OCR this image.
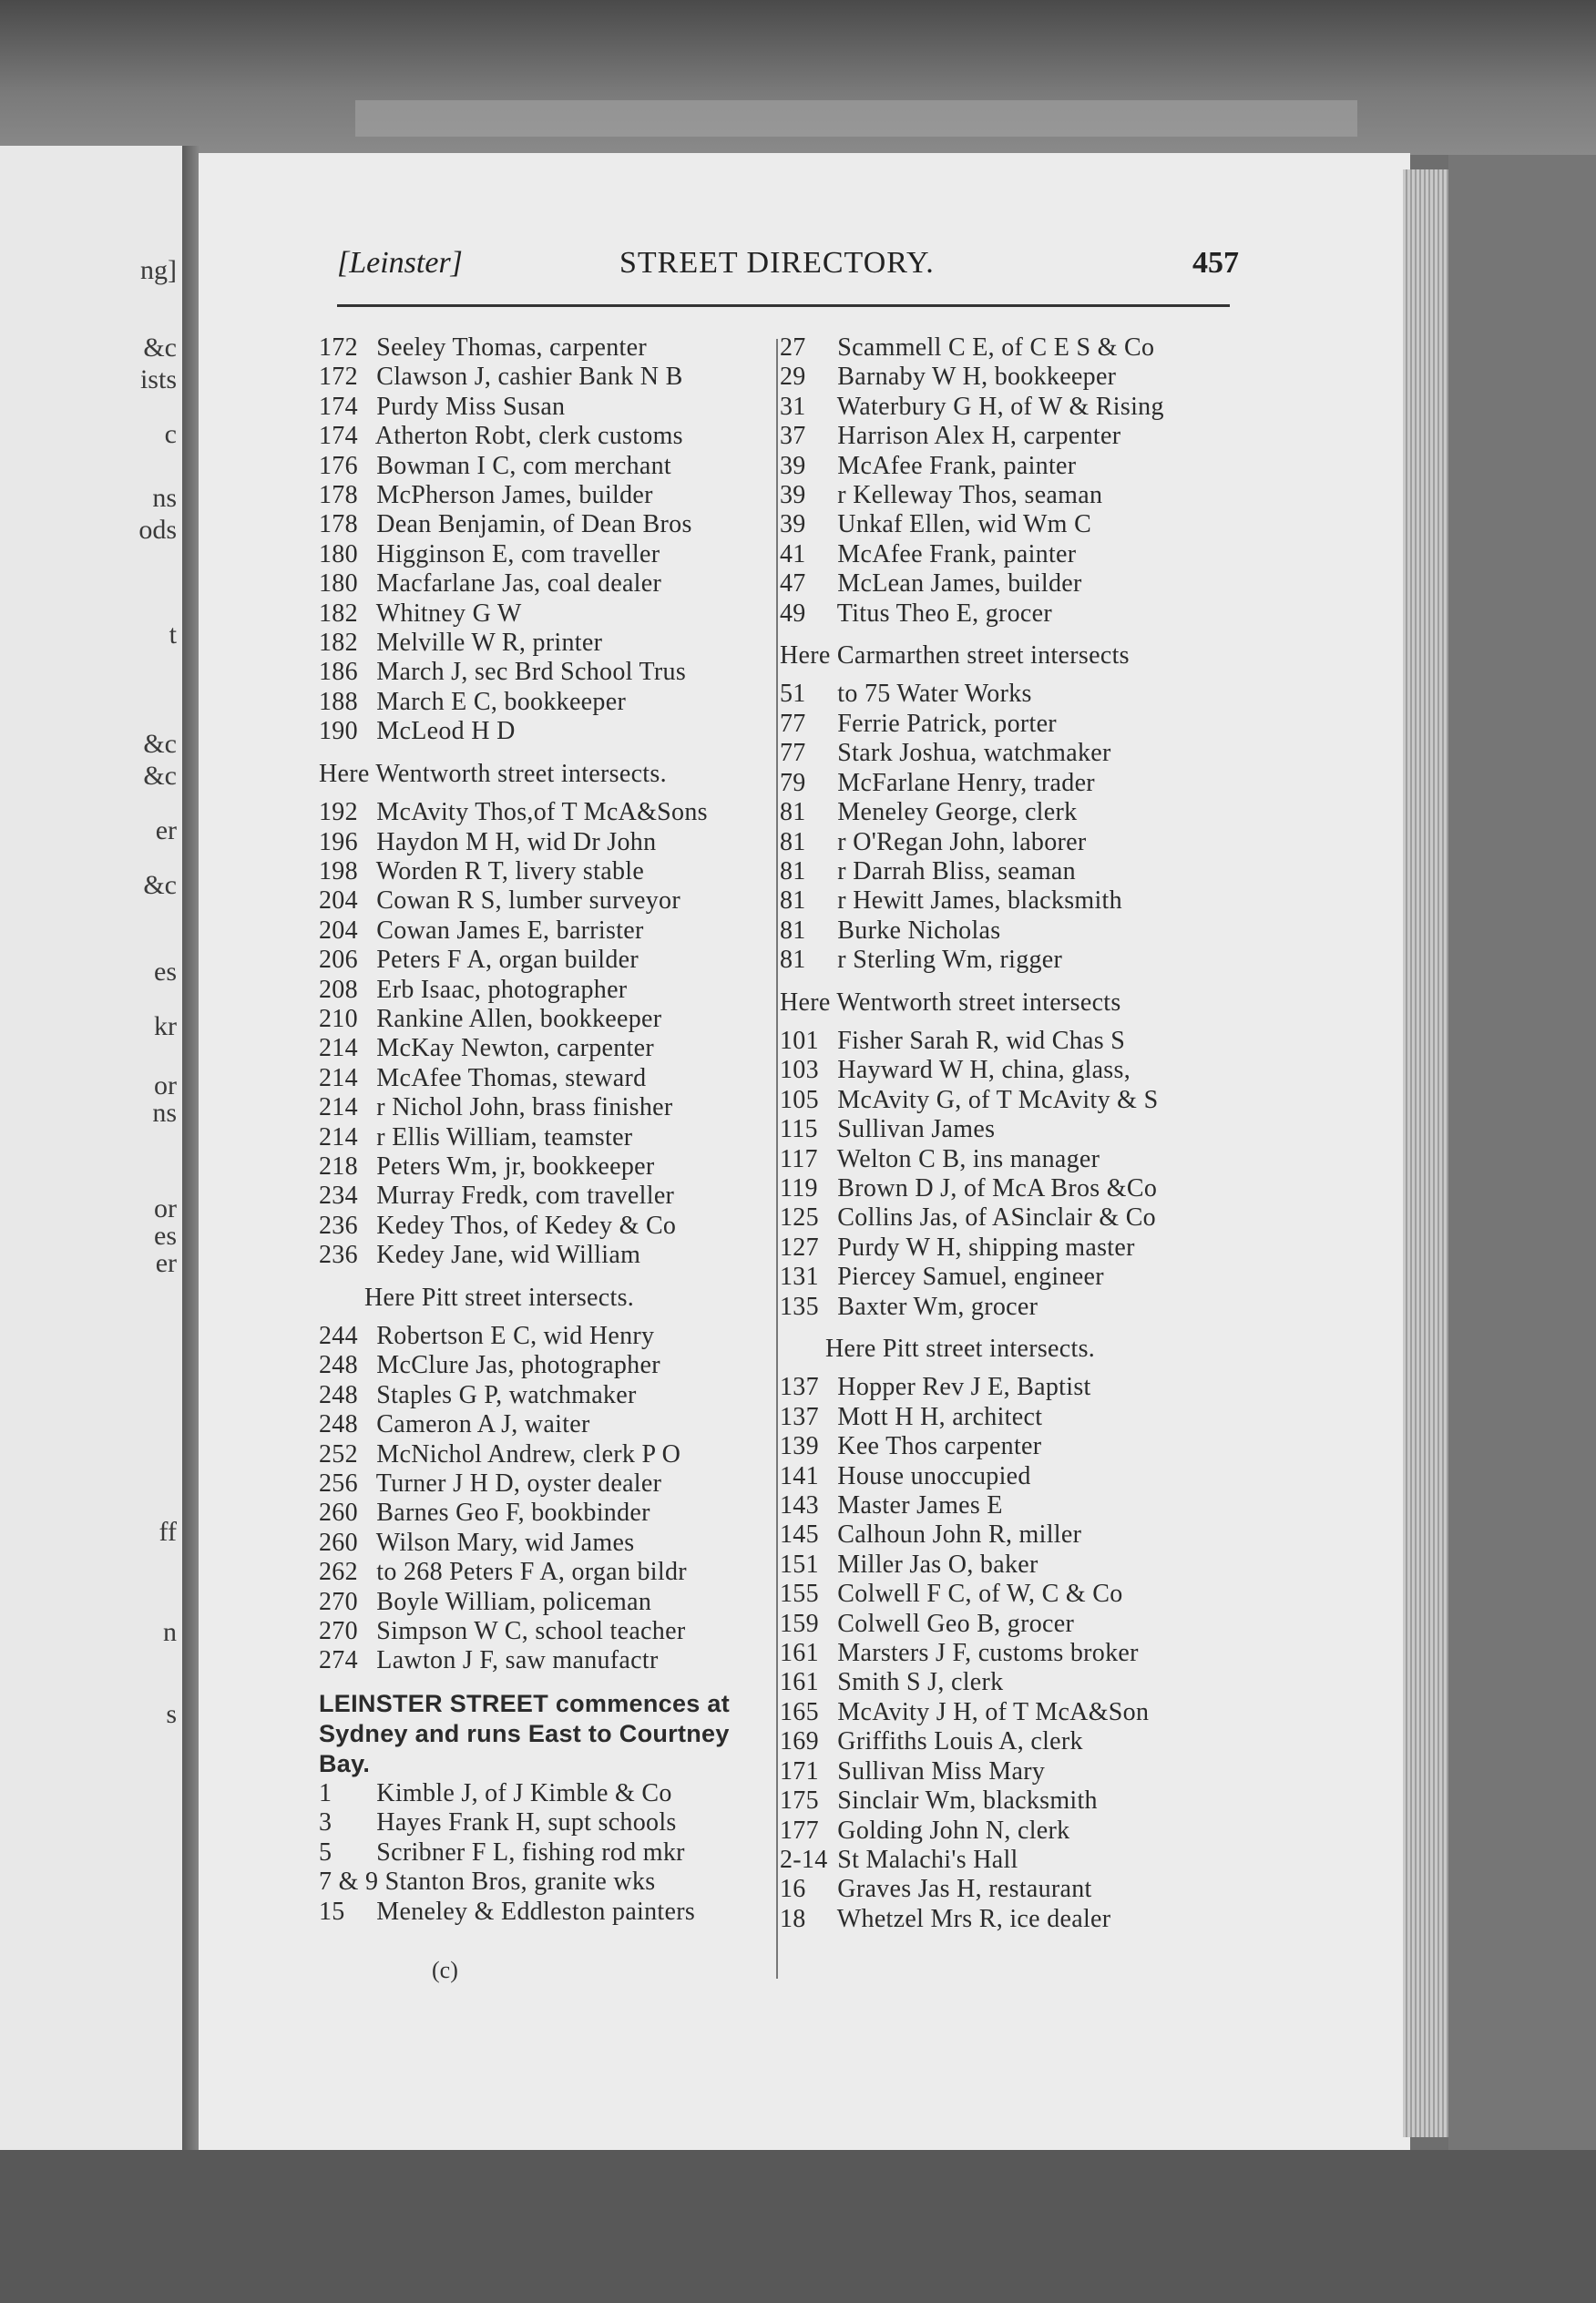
ng]
&c
ists
c
ns
ods
t
&c
&c
er
&c
es
kr
or
ns
or
es
er
ff
n
s
[Leinster]	STREET DIRECTORY.	457
172 Seeley Thomas, carpenter
172 Clawson J, cashier Bank N B
174 Purdy Miss Susan
174 Atherton Robt, clerk customs
176 Bowman I C, com merchant
178 McPherson James, builder
178 Dean Benjamin, of Dean Bros
180 Higginson E, com traveller
180 Macfarlane Jas, coal dealer
182 Whitney G W
182 Melville W R, printer
186 March J, sec Brd School Trus
188 March E C, bookkeeper
190 McLeod H D
Here Wentworth street intersects.
192 McAvity Thos,of T McA&Sons
196 Haydon M H, wid Dr John
198 Worden R T, livery stable
204 Cowan R S, lumber surveyor
204 Cowan James E, barrister
206 Peters F A, organ builder
208 Erb Isaac, photographer
210 Rankine Allen, bookkeeper
214 McKay Newton, carpenter
214 McAfee Thomas, steward
214 r Nichol John, brass finisher
214 r Ellis William, teamster
218 Peters Wm, jr, bookkeeper
234 Murray Fredk, com traveller
236 Kedey Thos, of Kedey & Co
236 Kedey Jane, wid William
Here Pitt street intersects.
244 Robertson E C, wid Henry
248 McClure Jas, photographer
248 Staples G P, watchmaker
248 Cameron A J, waiter
252 McNichol Andrew, clerk P O
256 Turner J H D, oyster dealer
260 Barnes Geo F, bookbinder
260 Wilson Mary, wid James
262 to 268 Peters F A, organ bildr
270 Boyle William, policeman
270 Simpson W C, school teacher
274 Lawton J F, saw manufactr
LEINSTER STREET commences at Sydney and runs East to Courtney Bay.
1 Kimble J, of J Kimble & Co
3 Hayes Frank H, supt schools
5 Scribner F L, fishing rod mkr
7 & 9 Stanton Bros, granite wks
15 Meneley & Eddleston painters
27 Scammell C E, of C E S & Co
29 Barnaby W H, bookkeeper
31 Waterbury G H, of W & Rising
37 Harrison Alex H, carpenter
39 McAfee Frank, painter
39 r Kelleway Thos, seaman
39 Unkaf Ellen, wid Wm C
41 McAfee Frank, painter
47 McLean James, builder
49 Titus Theo E, grocer
Here Carmarthen street intersects
51 to 75 Water Works
77 Ferrie Patrick, porter
77 Stark Joshua, watchmaker
79 McFarlane Henry, trader
81 Meneley George, clerk
81 r O'Regan John, laborer
81 r Darrah Bliss, seaman
81 r Hewitt James, blacksmith
81 Burke Nicholas
81 r Sterling Wm, rigger
Here Wentworth street intersects
101 Fisher Sarah R, wid Chas S
103 Hayward W H, china, glass,
105 McAvity G, of T McAvity & S
115 Sullivan James
117 Welton C B, ins manager
119 Brown D J, of McA Bros &Co
125 Collins Jas, of ASinclair & Co
127 Purdy W H, shipping master
131 Piercey Samuel, engineer
135 Baxter Wm, grocer
Here Pitt street intersects.
137 Hopper Rev J E, Baptist
137 Mott H H, architect
139 Kee Thos carpenter
141 House unoccupied
143 Master James E
145 Calhoun John R, miller
151 Miller Jas O, baker
155 Colwell F C, of W, C & Co
159 Colwell Geo B, grocer
161 Marsters J F, customs broker
161 Smith S J, clerk
165 McAvity J H, of T McA&Son
169 Griffiths Louis A, clerk
171 Sullivan Miss Mary
175 Sinclair Wm, blacksmith
177 Golding John N, clerk
2-14 St Malachi's Hall
16 Graves Jas H, restaurant
18 Whetzel Mrs R, ice dealer
(c)
